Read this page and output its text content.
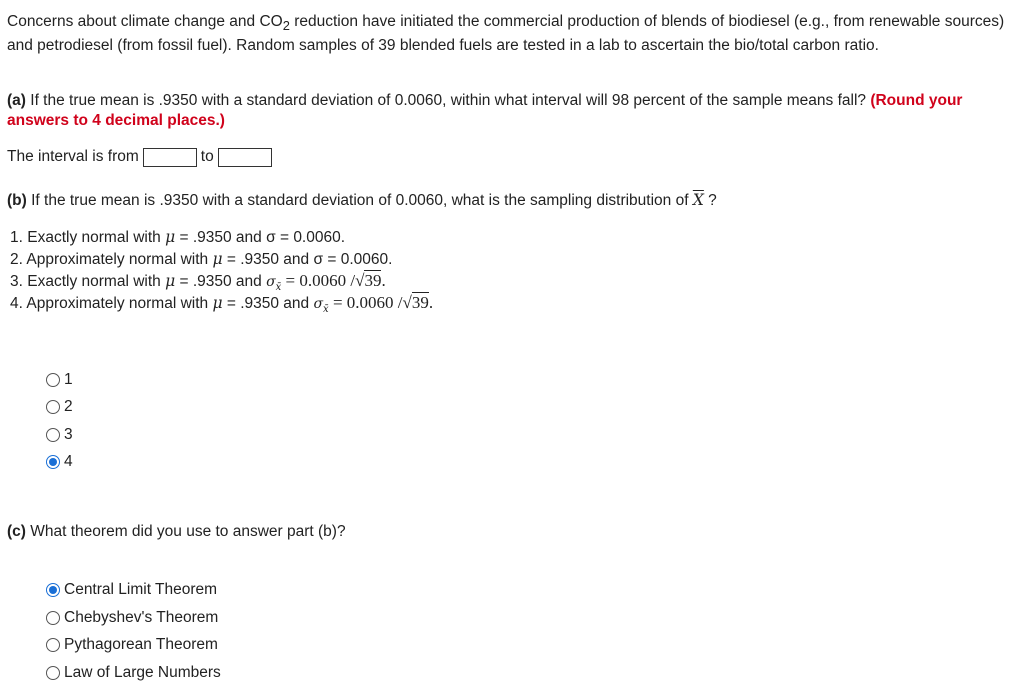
Concerns about climate change and $CO_2$ reduction have initiated the commercial production of blends of biodiesel (e.g., from renewable sources) and petrodiesel (from fossil fuel). Random samples of 39 blended fuels are tested in a lab to ascertain the bio/total carbon ratio.
(a) If the true mean is .9350 with a standard deviation of 0.0060, within what interval will 98 percent of the sample means fall? (Round your answers to 4 decimal places.)
The interval is from	to
(b) If the true mean is .9350 with a standard deviation of 0.0060, what is the sampling distribution of $\overline{X}$ ?
1. Exactly normal with μ = .9350 and σ = 0.0060.
2. Approximately normal with μ = .9350 and σ = 0.0060.
3. Exactly normal with μ = .9350 and $\sigma_{x̄} = 0.0060$ /√39.
4. Approximately normal with μ = .9350 and $\sigma_{x̄} = 0.0060$ /√39.
1
2
3
4
(c) What theorem did you use to answer part (b)?
Central Limit Theorem
Chebyshev's Theorem
Pythagorean Theorem
Law of Large Numbers
